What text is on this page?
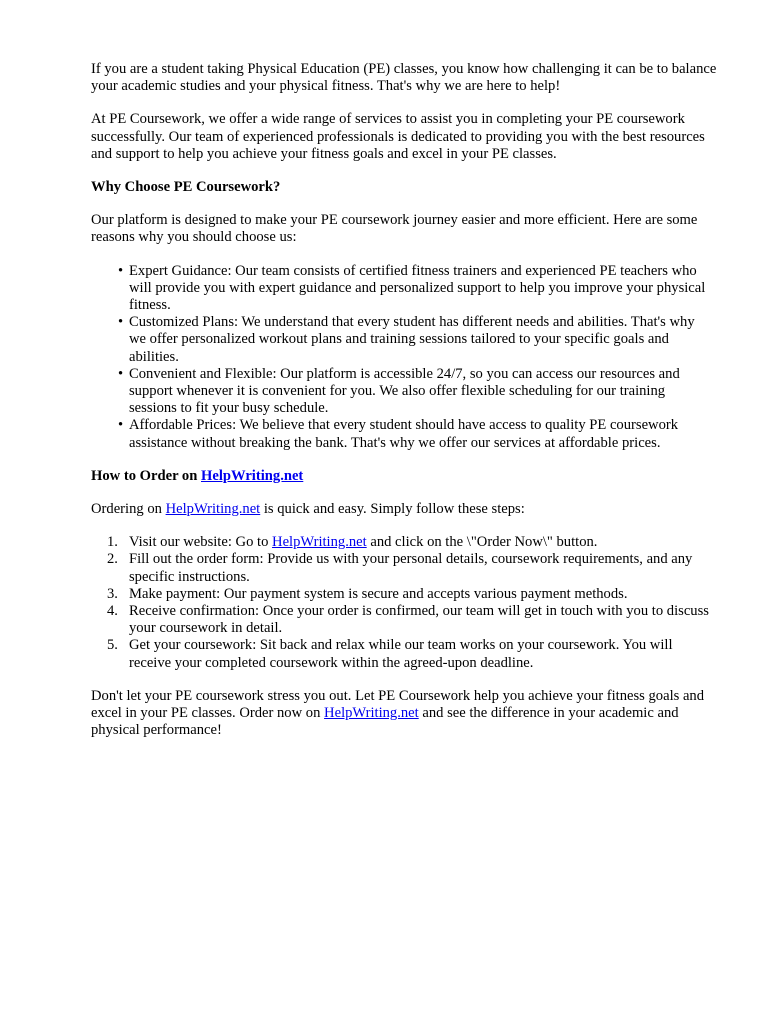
If you are a student taking Physical Education (PE) classes, you know how challenging it can be to balance your academic studies and your physical fitness. That's why we are here to help!

At PE Coursework, we offer a wide range of services to assist you in completing your PE coursework successfully. Our team of experienced professionals is dedicated to providing you with the best resources and support to help you achieve your fitness goals and excel in your PE classes.

Why Choose PE Coursework?

Our platform is designed to make your PE coursework journey easier and more efficient. Here are some reasons why you should choose us:

• Expert Guidance: Our team consists of certified fitness trainers and experienced PE teachers who will provide you with expert guidance and personalized support to help you improve your physical fitness.
• Customized Plans: We understand that every student has different needs and abilities. That's why we offer personalized workout plans and training sessions tailored to your specific goals and abilities.
• Convenient and Flexible: Our platform is accessible 24/7, so you can access our resources and support whenever it is convenient for you. We also offer flexible scheduling for our training sessions to fit your busy schedule.
• Affordable Prices: We believe that every student should have access to quality PE coursework assistance without breaking the bank. That's why we offer our services at affordable prices.
How to Order on HelpWriting.net

Ordering on HelpWriting.net is quick and easy. Simply follow these steps:

1. Visit our website: Go to HelpWriting.net and click on the \"Order Now\" button.
2. Fill out the order form: Provide us with your personal details, coursework requirements, and any specific instructions.
3. Make payment: Our payment system is secure and accepts various payment methods.
4. Receive confirmation: Once your order is confirmed, our team will get in touch with you to discuss your coursework in detail.
5. Get your coursework: Sit back and relax while our team works on your coursework. You will receive your completed coursework within the agreed-upon deadline.

Don't let your PE coursework stress you out. Let PE Coursework help you achieve your fitness goals and excel in your PE classes. Order now on HelpWriting.net and see the difference in your academic and physical performance!
